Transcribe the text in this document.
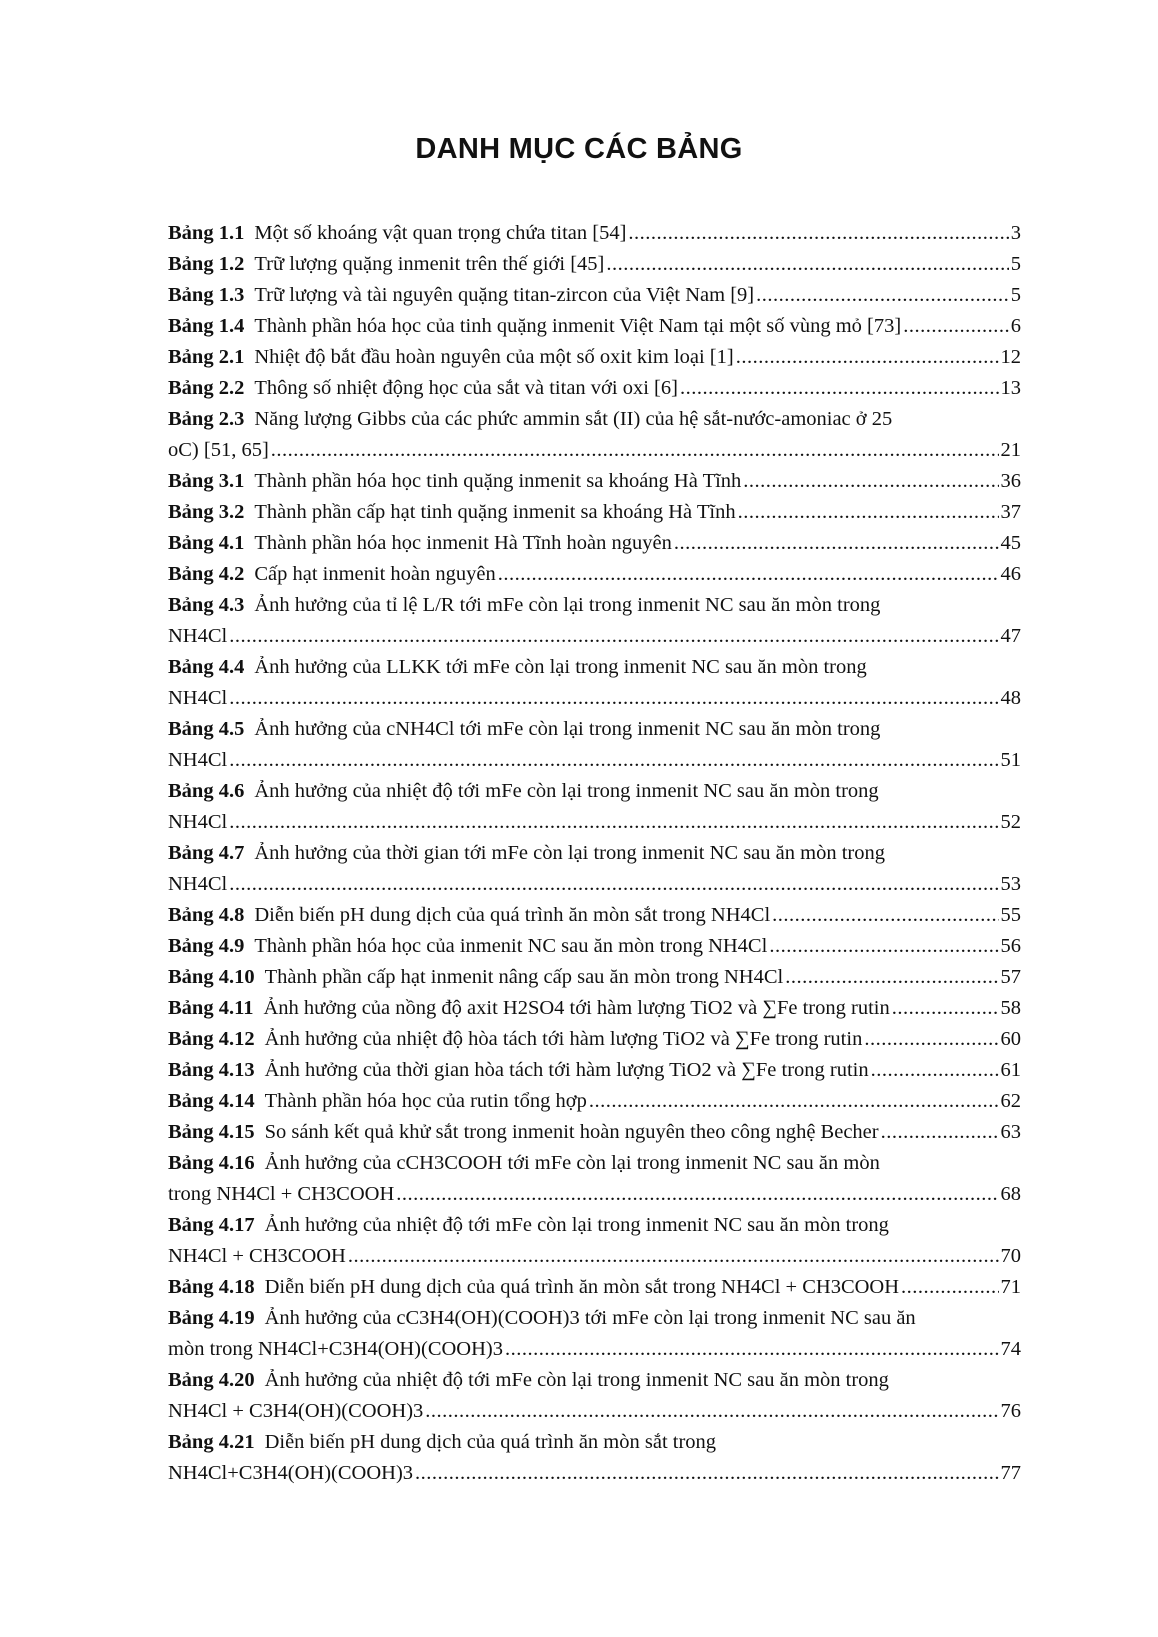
DANH MỤC CÁC BẢNG
Bảng 1.1 Một số khoáng vật quan trọng chứa titan [54] .....	3
Bảng 1.2 Trữ lượng quặng inmenit trên thế giới [45] .....	5
Bảng 1.3 Trữ lượng và tài nguyên quặng titan-zircon của Việt Nam [9] .....	5
Bảng 1.4 Thành phần hóa học của tinh quặng inmenit Việt Nam tại một số vùng mỏ [73] .....	6
Bảng 2.1 Nhiệt độ bắt đầu hoàn nguyên của một số oxit kim loại [1] .....	12
Bảng 2.2 Thông số nhiệt động học của sắt và titan với oxi [6] .....	13
Bảng 2.3 Năng lượng Gibbs của các phức ammin sắt (II) của hệ sắt-nước-amoniac ở 25
oC) [51, 65] .....	21
Bảng 3.1 Thành phần hóa học tinh quặng inmenit sa khoáng Hà Tĩnh .....	36
Bảng 3.2 Thành phần cấp hạt tinh quặng inmenit sa khoáng Hà Tĩnh .....	37
Bảng 4.1 Thành phần hóa học inmenit Hà Tĩnh hoàn nguyên .....	45
Bảng 4.2 Cấp hạt inmenit hoàn nguyên .....	46
Bảng 4.3 Ảnh hưởng của tỉ lệ L/R tới mFe còn lại trong inmenit NC sau ăn mòn trong
NH4Cl .....	47
Bảng 4.4 Ảnh hưởng của LLKK tới mFe còn lại trong inmenit NC sau ăn mòn trong
NH4Cl .....	48
Bảng 4.5 Ảnh hưởng của cNH4Cl tới mFe còn lại trong inmenit NC sau ăn mòn trong
NH4Cl .....	51
Bảng 4.6 Ảnh hưởng của nhiệt độ tới mFe còn lại trong inmenit NC sau ăn mòn trong
NH4Cl .....	52
Bảng 4.7 Ảnh hưởng của thời gian tới mFe còn lại trong inmenit NC sau ăn mòn trong
NH4Cl .....	53
Bảng 4.8 Diễn biến pH dung dịch của quá trình ăn mòn sắt trong NH4Cl .....	55
Bảng 4.9 Thành phần hóa học của inmenit NC sau ăn mòn trong NH4Cl .....	56
Bảng 4.10 Thành phần cấp hạt inmenit nâng cấp sau ăn mòn trong NH4Cl .....	57
Bảng 4.11 Ảnh hưởng của nồng độ axit H2SO4 tới hàm lượng TiO2 và ∑Fe trong rutin .....	58
Bảng 4.12 Ảnh hưởng của nhiệt độ hòa tách tới hàm lượng TiO2 và ∑Fe trong rutin .....	60
Bảng 4.13 Ảnh hưởng của thời gian hòa tách tới hàm lượng TiO2 và ∑Fe trong rutin .....	61
Bảng 4.14 Thành phần hóa học của rutin tổng hợp .....	62
Bảng 4.15 So sánh kết quả khử sắt trong inmenit hoàn nguyên theo công nghệ Becher .....	63
Bảng 4.16 Ảnh hưởng của cCH3COOH tới mFe còn lại trong inmenit NC sau ăn mòn
trong NH4Cl + CH3COOH .....	68
Bảng 4.17 Ảnh hưởng của nhiệt độ tới mFe còn lại trong inmenit NC sau ăn mòn trong
NH4Cl + CH3COOH .....	70
Bảng 4.18 Diễn biến pH dung dịch của quá trình ăn mòn sắt trong NH4Cl + CH3COOH .....	71
Bảng 4.19 Ảnh hưởng của cC3H4(OH)(COOH)3 tới mFe còn lại trong inmenit NC sau ăn
mòn trong NH4Cl+C3H4(OH)(COOH)3 .....	74
Bảng 4.20 Ảnh hưởng của nhiệt độ tới mFe còn lại trong inmenit NC sau ăn mòn trong
NH4Cl + C3H4(OH)(COOH)3 .....	76
Bảng 4.21 Diễn biến pH dung dịch của quá trình ăn mòn sắt trong
NH4Cl+C3H4(OH)(COOH)3 .....	77
